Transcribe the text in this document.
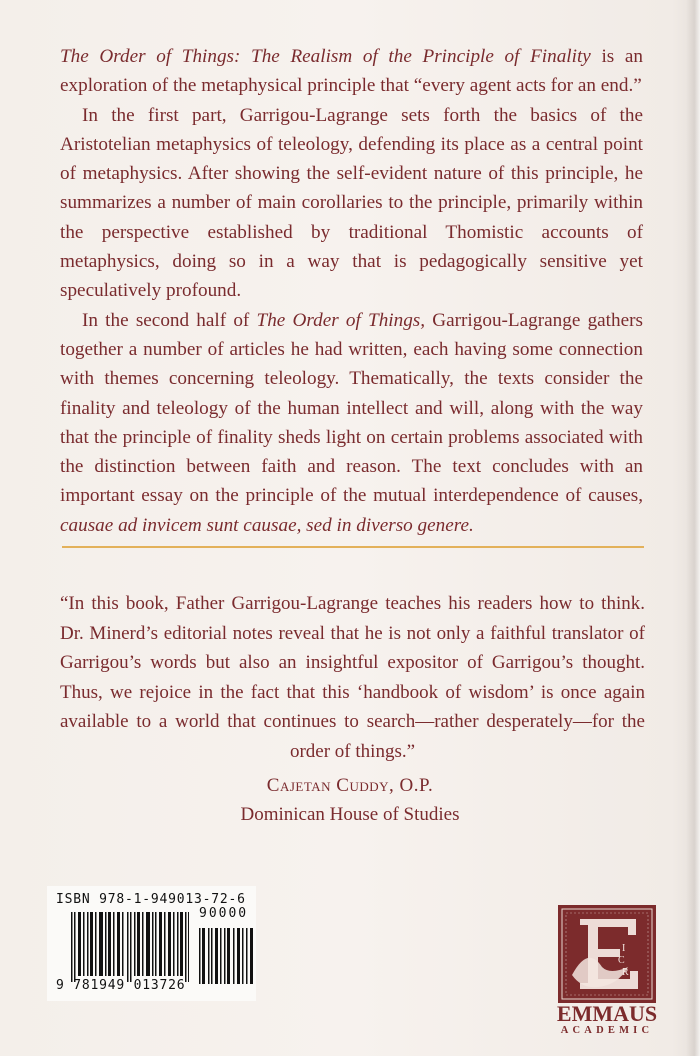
The Order of Things: The Realism of the Principle of Finality is an exploration of the metaphysical principle that “every agent acts for an end.”

In the first part, Garrigou-Lagrange sets forth the basics of the Aristotelian metaphysics of teleology, defending its place as a central point of metaphysics. After showing the self-evident nature of this principle, he summarizes a number of main corollaries to the principle, primarily within the perspective established by traditional Thomistic accounts of metaphysics, doing so in a way that is pedagogically sensitive yet speculatively profound.

In the second half of The Order of Things, Garrigou-Lagrange gathers together a number of articles he had written, each having some connection with themes concerning teleology. Thematically, the texts consider the finality and teleology of the human intellect and will, along with the way that the principle of finality sheds light on certain problems associated with the distinction between faith and reason. The text concludes with an important essay on the principle of the mutual interdependence of causes, causae ad invicem sunt causae, sed in diverso genere.

“In this book, Father Garrigou-Lagrange teaches his readers how to think. Dr. Minerd’s editorial notes reveal that he is not only a faithful translator of Garrigou’s words but also an insightful expositor of Garrigou’s thought. Thus, we rejoice in the fact that this ‘handbook of wisdom’ is once again available to a world that continues to search—rather desperately—for the order of things.”

Cajetan Cuddy, O.P.
Dominican House of Studies
ISBN 978-1-949013-72-6
90000
9 781949 013726
I
C
R
EMMAUS
ACADEMIC
